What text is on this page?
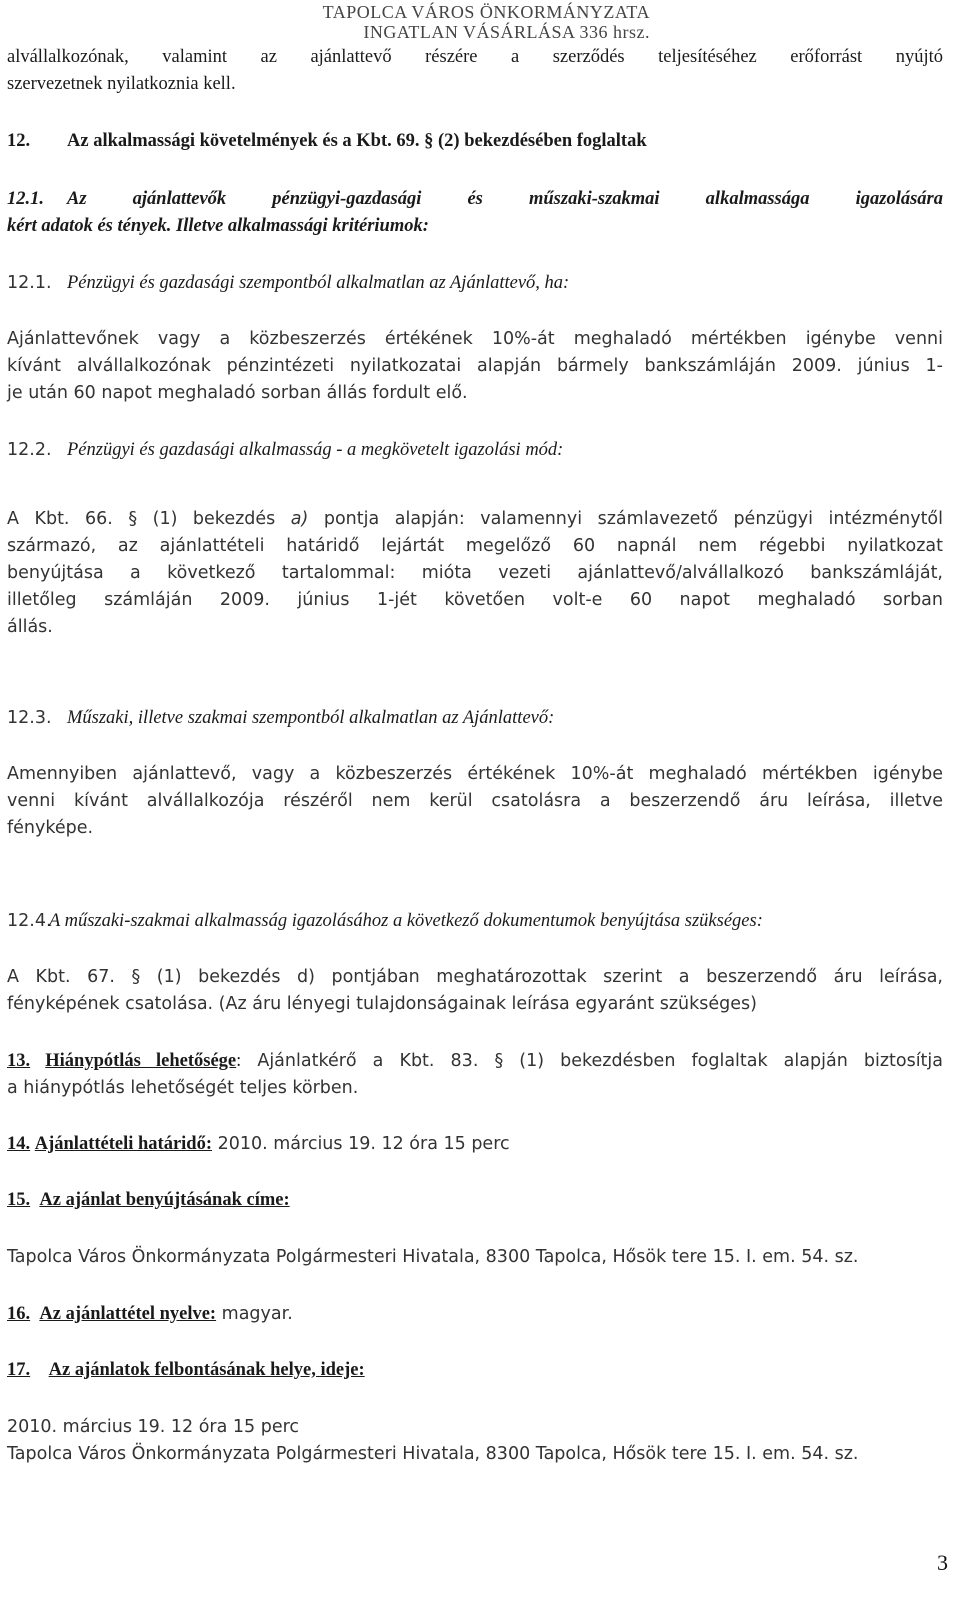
TAPOLCA VÁROS ÖNKORMÁNYZATA
INGATLAN VÁSÁRLÁSA 336 hrsz.
alvállalkozónak, valamint az ajánlattevő részére a szerződés teljesítéséhez erőforrást nyújtó
szervezetnek nyilatkoznia kell.
12. Az alkalmassági követelmények és a Kbt. 69. § (2) bekezdésében foglaltak
12.1. Az ajánlattevők pénzügyi-gazdasági és műszaki-szakmai alkalmassága igazolására
kért adatok és tények. Illetve alkalmassági kritériumok:
12.1. Pénzügyi és gazdasági szempontból alkalmatlan az Ajánlattevő, ha:
Ajánlattevőnek vagy a közbeszerzés értékének 10%-át meghaladó mértékben igénybe venni
kívánt alvállalkozónak pénzintézeti nyilatkozatai alapján bármely bankszámláján 2009. június 1-
je után 60 napot meghaladó sorban állás fordult elő.
12.2. Pénzügyi és gazdasági alkalmasság - a megkövetelt igazolási mód:
A Kbt. 66. § (1) bekezdés a) pontja alapján: valamennyi számlavezető pénzügyi intézménytől
származó, az ajánlattételi határidő lejártát megelőző 60 napnál nem régebbi nyilatkozat
benyújtása a következő tartalommal: mióta vezeti ajánlattevő/alvállalkozó bankszámláját,
illetőleg számláján 2009. június 1-jét követően volt-e 60 napot meghaladó sorban
állás.
12.3. Műszaki, illetve szakmai szempontból alkalmatlan az Ajánlattevő:
Amennyiben ajánlattevő, vagy a közbeszerzés értékének 10%-át meghaladó mértékben igénybe
venni kívánt alvállalkozója részéről nem kerül csatolásra a beszerzendő áru leírása, illetve
fényképe.
12.4.A műszaki-szakmai alkalmasság igazolásához a következő dokumentumok benyújtása szükséges:
A Kbt. 67. § (1) bekezdés d) pontjában meghatározottak szerint a beszerzendő áru leírása,
fényképének csatolása. (Az áru lényegi tulajdonságainak leírása egyaránt szükséges)
13. Hiánypótlás lehetősége: Ajánlatkérő a Kbt. 83. § (1) bekezdésben foglaltak alapján biztosítja
a hiánypótlás lehetőségét teljes körben.
14. Ajánlattételi határidő: 2010. március 19. 12 óra 15 perc
15. Az ajánlat benyújtásának címe:
Tapolca Város Önkormányzata Polgármesteri Hivatala, 8300 Tapolca, Hősök tere 15. I. em. 54. sz.
16. Az ajánlattétel nyelve: magyar.
17. Az ajánlatok felbontásának helye, ideje:
2010. március 19. 12 óra 15 perc
Tapolca Város Önkormányzata Polgármesteri Hivatala, 8300 Tapolca, Hősök tere 15. I. em. 54. sz.
3
